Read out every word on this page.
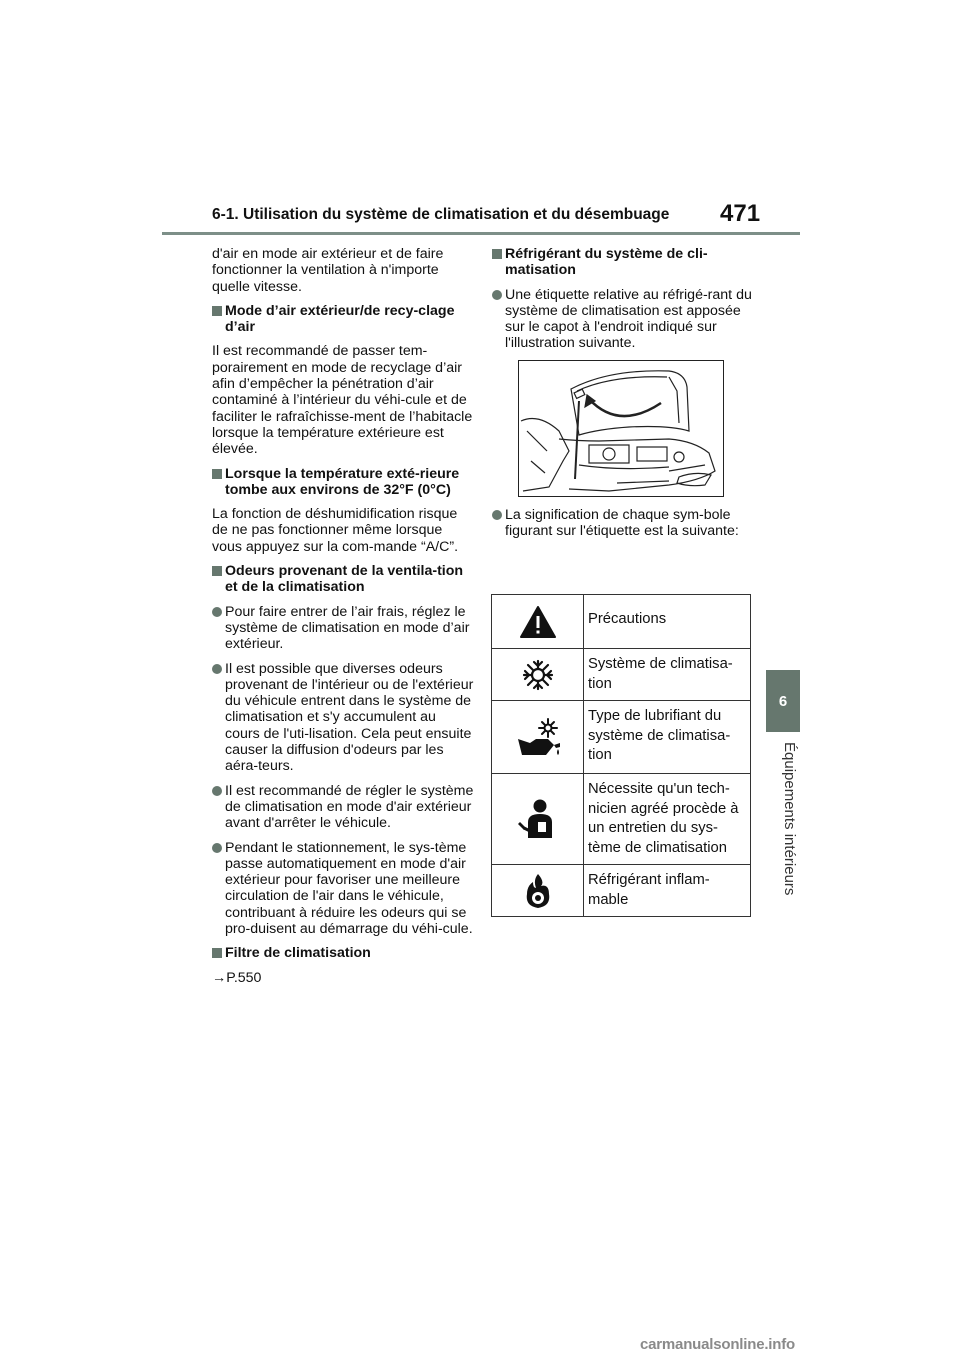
6-1. Utilisation du système de climatisation et du désembuage 471
6
Équipements intérieurs

d'air en mode air extérieur et de faire fonctionner la ventilation à n'importe quelle vitesse.

Mode d’air extérieur/de recy-clage d’air

Il est recommandé de passer tem-porairement en mode de recyclage d’air afin d’empêcher la pénétration d’air contaminé à l’intérieur du véhi-cule et de faciliter le rafraîchisse-ment de l’habitacle lorsque la température extérieure est élevée.

Lorsque la température exté-rieure tombe aux environs de 32°F (0°C)

La fonction de déshumidification risque de ne pas fonctionner même lorsque vous appuyez sur la com-mande “A/C”.

Odeurs provenant de la ventila-tion et de la climatisation
Pour faire entrer de l’air frais, réglez le système de climatisation en mode d’air extérieur.
Il est possible que diverses odeurs provenant de l'intérieur ou de l'extérieur du véhicule entrent dans le système de climatisation et s'y accumulent au cours de l'uti-lisation. Cela peut ensuite causer la diffusion d'odeurs par les aéra-teurs.
Il est recommandé de régler le système de climatisation en mode d'air extérieur avant d'arrêter le véhicule.
Pendant le stationnement, le sys-tème passe automatiquement en mode d'air extérieur pour favoriser une meilleure circulation de l'air dans le véhicule, contribuant à réduire les odeurs qui se pro-duisent au démarrage du véhi-cule.
Filtre de climatisation

→P.550

Réfrigérant du système de cli-matisation
Une étiquette relative au réfrigé-rant du système de climatisation est apposée sur le capot à l'endroit indiqué sur l'illustration suivante.
La signification de chaque sym-bole figurant sur l'étiquette est la suivante:
	Précautions

	Système de climatisa-tion

	Type de lubrifiant du système de climatisa-tion

	Nécessite qu'un tech-nicien agréé procède à un entretien du sys-tème de climatisation

	Réfrigérant inflam-mable
carmanualsonline.info
